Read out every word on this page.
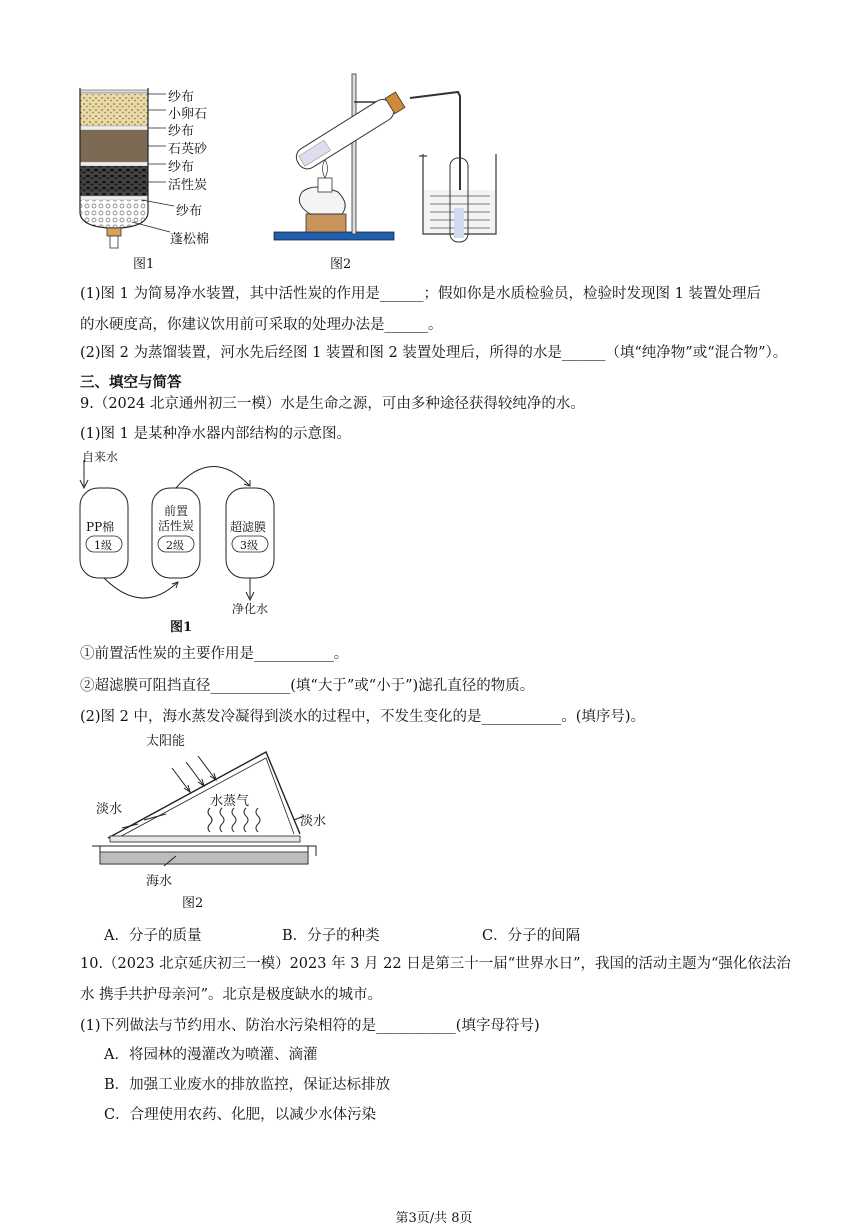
纱布
小卵石
纱布
石英砂
纱布
活性炭
纱布
蓬松棉
图1	图2
(1)图 1 为简易净水装置，其中活性炭的作用是______；假如你是水质检验员，检验时发现图 1 装置处理后
的水硬度高，你建议饮用前可采取的处理办法是______。
(2)图 2 为蒸馏装置，河水先后经图 1 装置和图 2 装置处理后，所得的水是______（填“纯净物”或“混合物”）。
三、填空与简答
9.（2024 北京通州初三一模）水是生命之源，可由多种途径获得较纯净的水。
(1)图 1 是某种净水器内部结构的示意图。
自来水
PP棉
1级
前置
活性炭
2级
超滤膜
3级
净化水
图1
①前置活性炭的主要作用是___________。
②超滤膜可阻挡直径___________(填“大于”或“小于”)滤孔直径的物质。
(2)图 2 中，海水蒸发冷凝得到淡水的过程中，不发生变化的是___________。(填序号)。
太阳能
水蒸气
淡水
淡水
海水
图2
A．分子的质量	B．分子的种类	C．分子的间隔
10.（2023 北京延庆初三一模）2023 年 3 月 22 日是第三十一届“世界水日”，我国的活动主题为“强化依法治
水 携手共护母亲河”。北京是极度缺水的城市。
(1)下列做法与节约用水、防治水污染相符的是___________(填字母符号)
A．将园林的漫灌改为喷灌、滴灌
B．加强工业废水的排放监控，保证达标排放
C．合理使用农药、化肥，以减少水体污染
第3页/共 8页
